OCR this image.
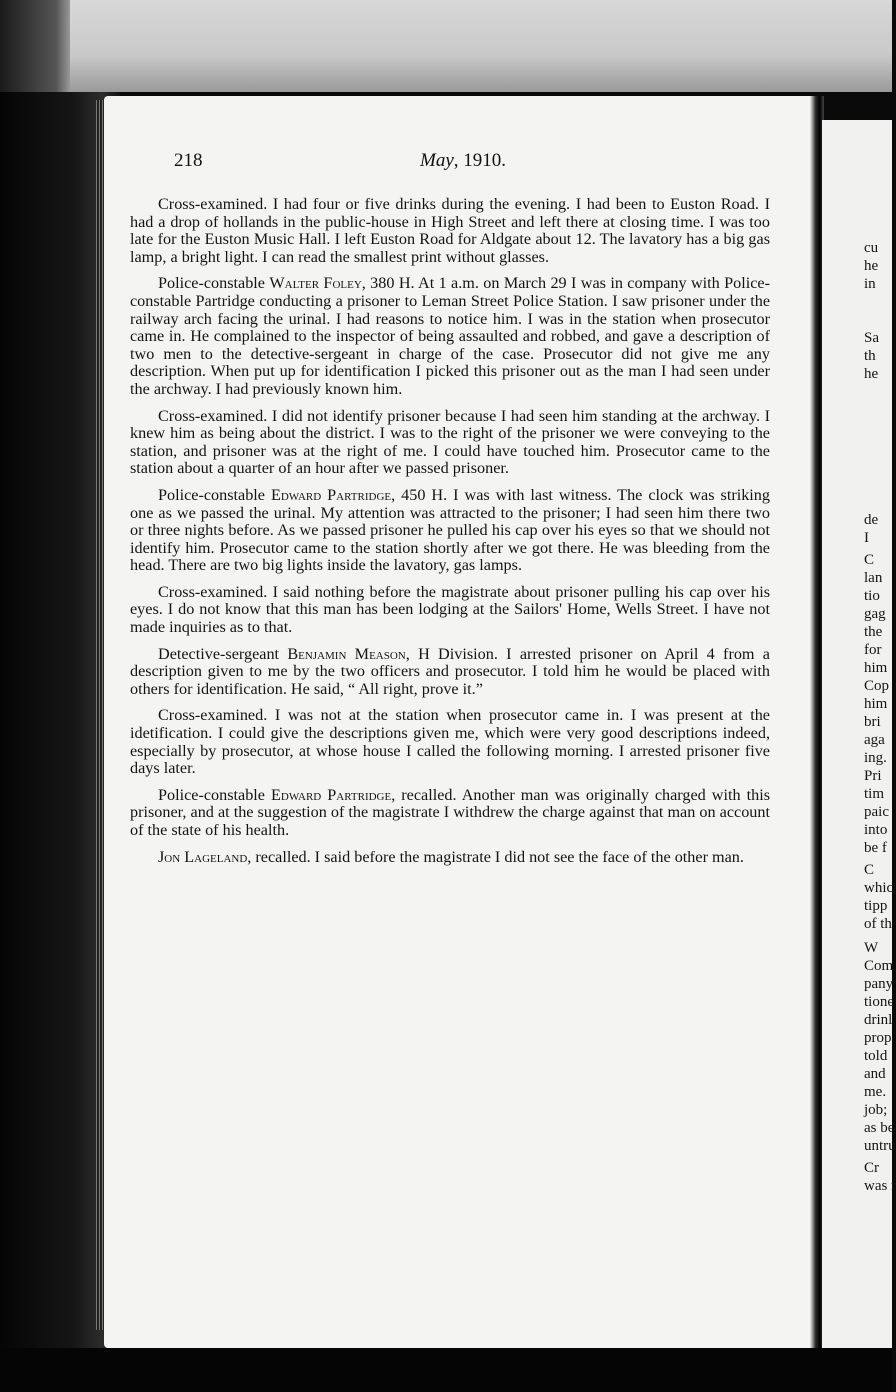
cu
he
in
Sa
th
he
de
I
C
lan
tio
gag
the
for
him
Cop
him
bri
aga
ing.
Pri
tim
paic
into
be f
C
whic
tipp
of th
W
Com
pany
tione
drinl
prop
told
and
me.
job;
as be
untru
Cr
was r
218	May, 1910.

Cross-examined. I had four or five drinks during the evening. I had been to Euston Road. I had a drop of hollands in the public-house in High Street and left there at closing time. I was too late for the Euston Music Hall. I left Euston Road for Aldgate about 12. The lavatory has a big gas lamp, a bright light. I can read the smallest print without glasses.

Police-constable Walter Foley, 380 H. At 1 a.m. on March 29 I was in company with Police-constable Partridge conducting a prisoner to Leman Street Police Station. I saw prisoner under the railway arch facing the urinal. I had reasons to notice him. I was in the station when prosecutor came in. He complained to the inspector of being assaulted and robbed, and gave a description of two men to the detective-sergeant in charge of the case. Prosecutor did not give me any description. When put up for identification I picked this prisoner out as the man I had seen under the archway. I had previously known him.

Cross-examined. I did not identify prisoner because I had seen him standing at the archway. I knew him as being about the district. I was to the right of the prisoner we were conveying to the station, and prisoner was at the right of me. I could have touched him. Prosecutor came to the station about a quarter of an hour after we passed prisoner.

Police-constable Edward Partridge, 450 H. I was with last witness. The clock was striking one as we passed the urinal. My attention was attracted to the prisoner; I had seen him there two or three nights before. As we passed prisoner he pulled his cap over his eyes so that we should not identify him. Prosecutor came to the station shortly after we got there. He was bleeding from the head. There are two big lights inside the lavatory, gas lamps.

Cross-examined. I said nothing before the magistrate about prisoner pulling his cap over his eyes. I do not know that this man has been lodging at the Sailors' Home, Wells Street. I have not made inquiries as to that.

Detective-sergeant Benjamin Meason, H Division. I arrested prisoner on April 4 from a description given to me by the two officers and prosecutor. I told him he would be placed with others for identification. He said, “ All right, prove it.”

Cross-examined. I was not at the station when prosecutor came in. I was present at the idetification. I could give the descriptions given me, which were very good descriptions indeed, especially by prosecutor, at whose house I called the following morning. I arrested prisoner five days later.

Police-constable Edward Partridge, recalled. Another man was originally charged with this prisoner, and at the suggestion of the magistrate I withdrew the charge against that man on account of the state of his health.

Jon Lageland, recalled. I said before the magistrate I did not see the face of the other man.
